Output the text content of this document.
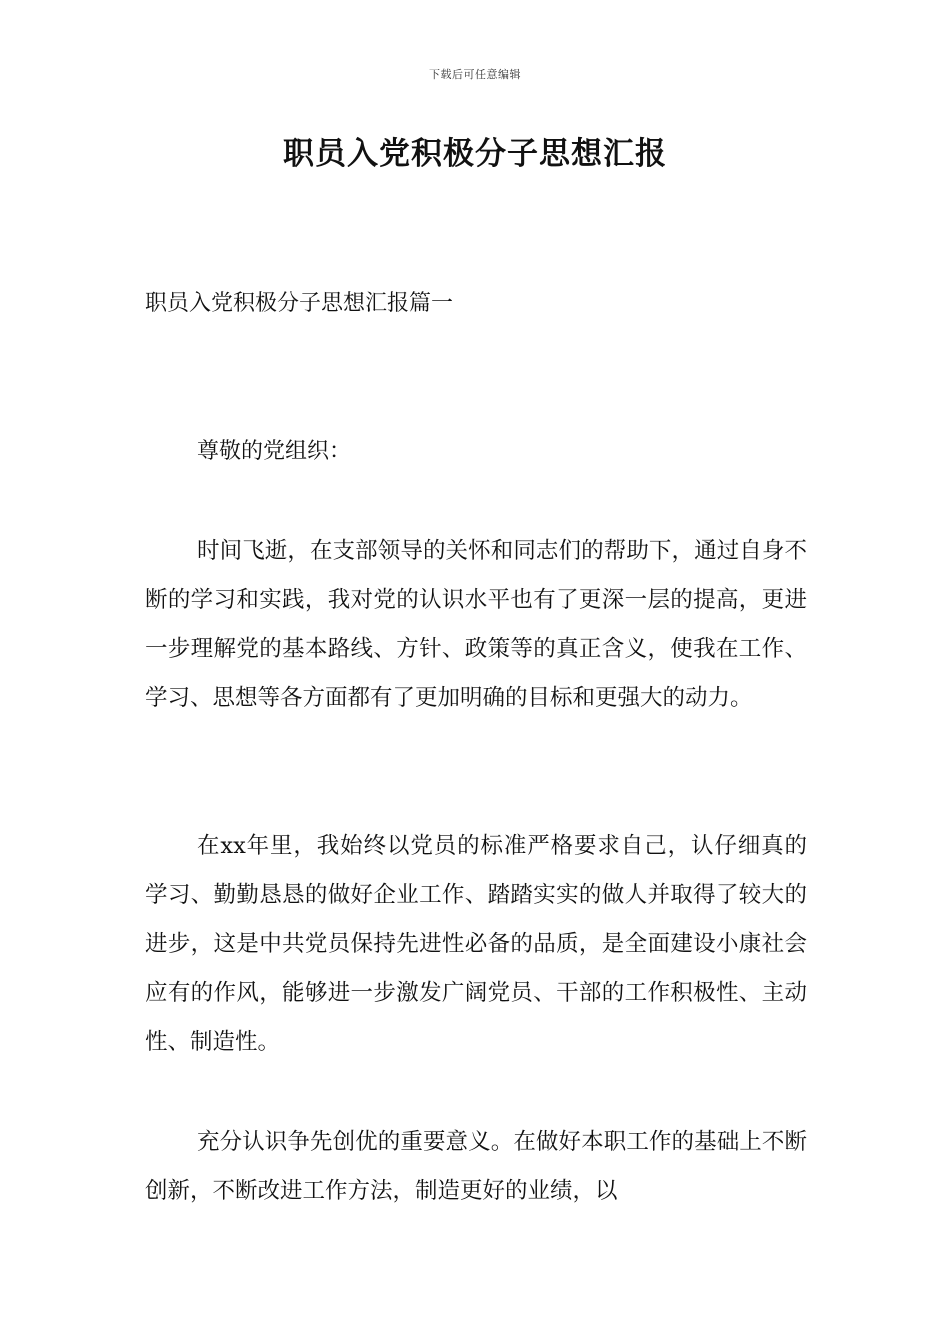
下载后可任意编辑
职员入党积极分子思想汇报
职员入党积极分子思想汇报篇一
尊敬的党组织：

时间飞逝，在支部领导的关怀和同志们的帮助下，通过自身不断的学习和实践，我对党的认识水平也有了更深一层的提高，更进一步理解党的基本路线、方针、政策等的真正含义，使我在工作、学习、思想等各方面都有了更加明确的目标和更强大的动力。

在xx年里，我始终以党员的标准严格要求自己，认仔细真的学习、勤勤恳恳的做好企业工作、踏踏实实的做人并取得了较大的进步，这是中共党员保持先进性必备的品质，是全面建设小康社会应有的作风，能够进一步激发广阔党员、干部的工作积极性、主动性、制造性。

充分认识争先创优的重要意义。在做好本职工作的基础上不断创新，不断改进工作方法，制造更好的业绩，以
